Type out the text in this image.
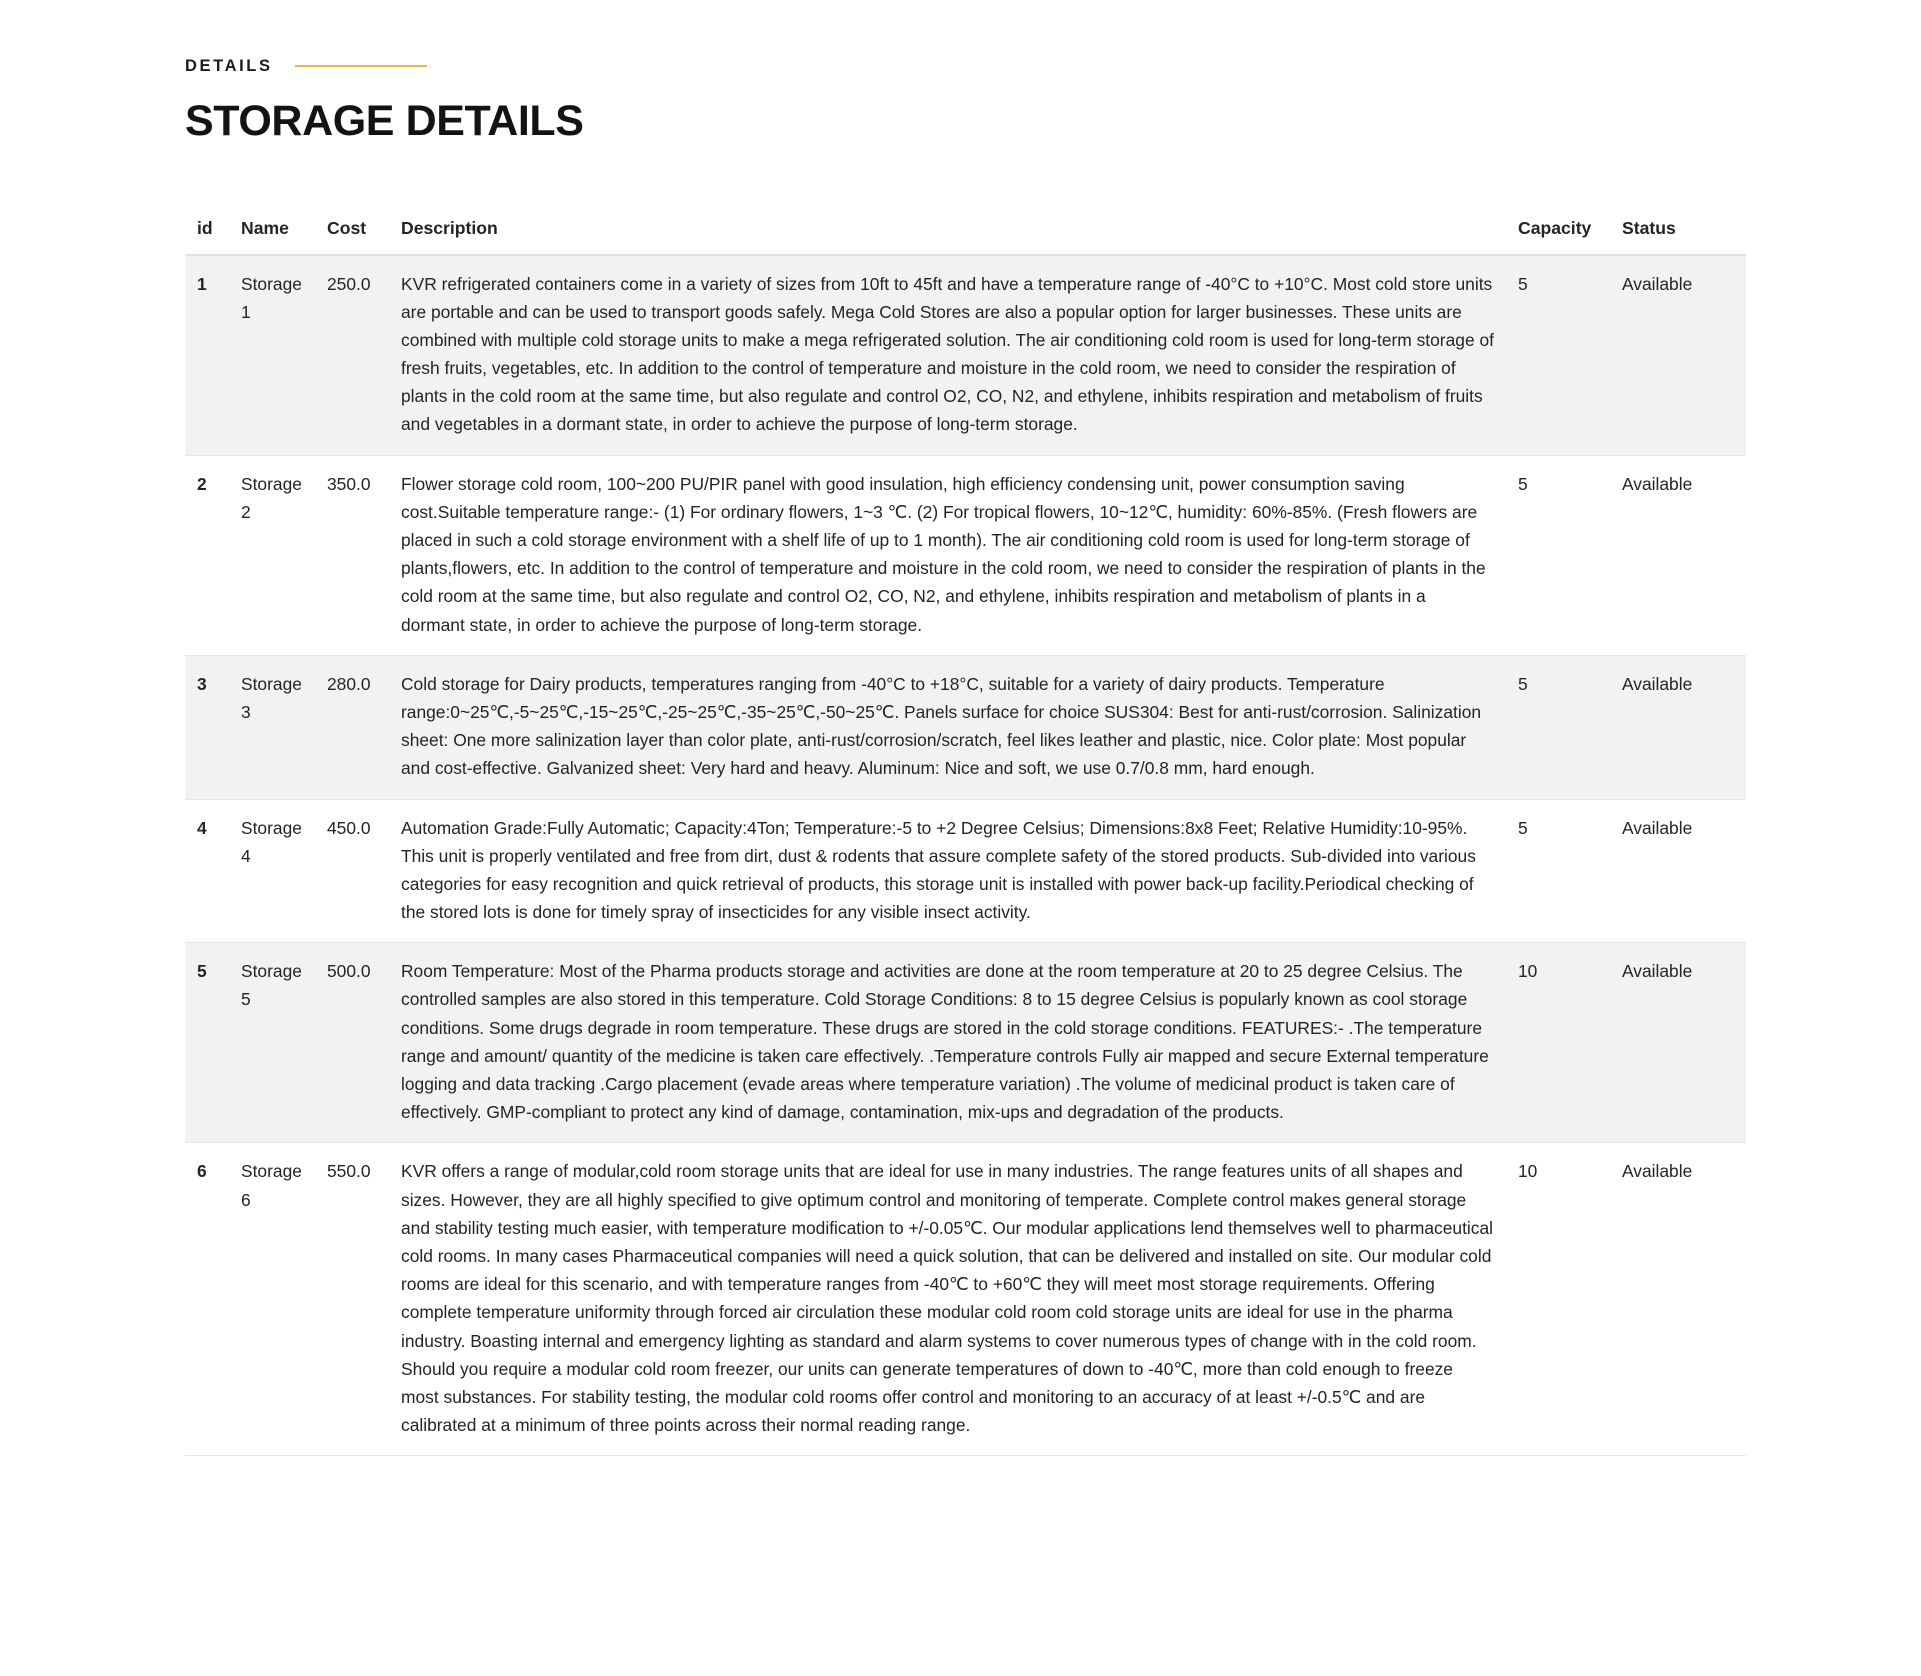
DETAILS
STORAGE DETAILS
id	Name	Cost	Description	Capacity	Status

1	Storage 1	250.0	KVR refrigerated containers come in a variety of sizes from 10ft to 45ft and have a temperature range of -40°C to +10°C. Most cold store units are portable and can be used to transport goods safely. Mega Cold Stores are also a popular option for larger businesses. These units are combined with multiple cold storage units to make a mega refrigerated solution. The air conditioning cold room is used for long-term storage of fresh fruits, vegetables, etc. In addition to the control of temperature and moisture in the cold room, we need to consider the respiration of plants in the cold room at the same time, but also regulate and control O2, CO, N2, and ethylene, inhibits respiration and metabolism of fruits and vegetables in a dormant state, in order to achieve the purpose of long-term storage.	5	Available

2	Storage 2	350.0	Flower storage cold room, 100~200 PU/PIR panel with good insulation, high efficiency condensing unit, power consumption saving cost.Suitable temperature range:- (1) For ordinary flowers, 1~3 ℃. (2) For tropical flowers, 10~12℃, humidity: 60%-85%. (Fresh flowers are placed in such a cold storage environment with a shelf life of up to 1 month). The air conditioning cold room is used for long-term storage of plants,flowers, etc. In addition to the control of temperature and moisture in the cold room, we need to consider the respiration of plants in the cold room at the same time, but also regulate and control O2, CO, N2, and ethylene, inhibits respiration and metabolism of plants in a dormant state, in order to achieve the purpose of long-term storage.	5	Available

3	Storage 3	280.0	Cold storage for Dairy products, temperatures ranging from -40°C to +18°C, suitable for a variety of dairy products. Temperature range:0~25℃,-5~25℃,-15~25℃,-25~25℃,-35~25℃,-50~25℃. Panels surface for choice SUS304: Best for anti-rust/corrosion. Salinization sheet: One more salinization layer than color plate, anti-rust/corrosion/scratch, feel likes leather and plastic, nice. Color plate: Most popular and cost-effective. Galvanized sheet: Very hard and heavy. Aluminum: Nice and soft, we use 0.7/0.8 mm, hard enough.	5	Available

4	Storage 4	450.0	Automation Grade:Fully Automatic; Capacity:4Ton; Temperature:-5 to +2 Degree Celsius; Dimensions:8x8 Feet; Relative Humidity:10-95%. This unit is properly ventilated and free from dirt, dust & rodents that assure complete safety of the stored products. Sub-divided into various categories for easy recognition and quick retrieval of products, this storage unit is installed with power back-up facility.Periodical checking of the stored lots is done for timely spray of insecticides for any visible insect activity.	5	Available

5	Storage 5	500.0	Room Temperature: Most of the Pharma products storage and activities are done at the room temperature at 20 to 25 degree Celsius. The controlled samples are also stored in this temperature. Cold Storage Conditions: 8 to 15 degree Celsius is popularly known as cool storage conditions. Some drugs degrade in room temperature. These drugs are stored in the cold storage conditions. FEATURES:- .The temperature range and amount/ quantity of the medicine is taken care effectively. .Temperature controls Fully air mapped and secure External temperature logging and data tracking .Cargo placement (evade areas where temperature variation) .The volume of medicinal product is taken care of effectively. GMP-compliant to protect any kind of damage, contamination, mix-ups and degradation of the products.	10	Available

6	Storage 6	550.0	KVR offers a range of modular,cold room storage units that are ideal for use in many industries. The range features units of all shapes and sizes. However, they are all highly specified to give optimum control and monitoring of temperate. Complete control makes general storage and stability testing much easier, with temperature modification to +/-0.05℃. Our modular applications lend themselves well to pharmaceutical cold rooms. In many cases Pharmaceutical companies will need a quick solution, that can be delivered and installed on site. Our modular cold rooms are ideal for this scenario, and with temperature ranges from -40℃ to +60℃ they will meet most storage requirements. Offering complete temperature uniformity through forced air circulation these modular cold room cold storage units are ideal for use in the pharma industry. Boasting internal and emergency lighting as standard and alarm systems to cover numerous types of change with in the cold room. Should you require a modular cold room freezer, our units can generate temperatures of down to -40℃, more than cold enough to freeze most substances. For stability testing, the modular cold rooms offer control and monitoring to an accuracy of at least +/-0.5℃ and are calibrated at a minimum of three points across their normal reading range.	10	Available
